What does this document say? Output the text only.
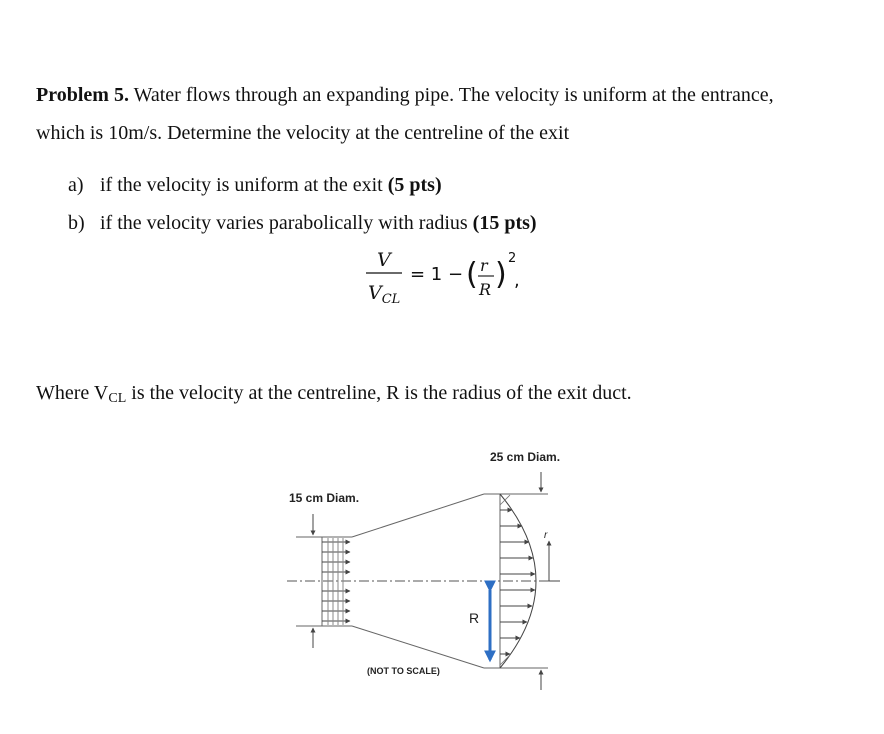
Problem 5. Water flows through an expanding pipe. The velocity is uniform at the entrance,
which is 10m/s. Determine the velocity at the centreline of the exit
a) if the velocity is uniform at the exit (5 pts)
b) if the velocity varies parabolically with radius (15 pts)
V
$V_{CL}$
= 1 − ( r
R ) 2
,
Where $V_{CL}$ is the velocity at the centreline, R is the radius of the exit duct.
15 cm Diam.
25 cm Diam.
(NOT TO SCALE)
R
r
